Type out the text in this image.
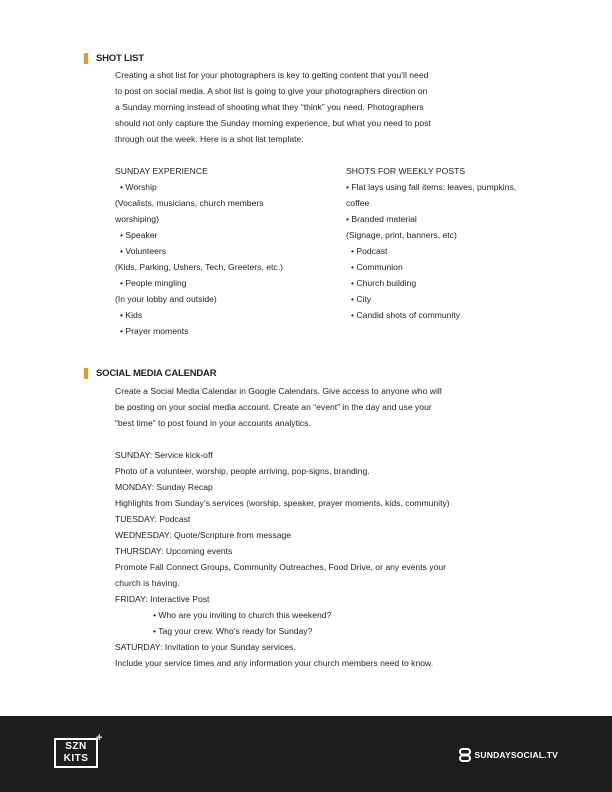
SHOT LIST

Creating a shot list for your photographers is key to getting content that you’ll need

to post on social media. A shot list is going to give your photographers direction on

a Sunday morning instead of shooting what they “think” you need. Photographers

should not only capture the Sunday morning experience, but what you need to post

through out the week. Here is a shot list template:

SUNDAY EXPERIENCE
• Worship
(Vocalists, musicians, church members
worshiping)
• Speaker
• Volunteers
(Kids, Parking, Ushers, Tech, Greeters, etc.)
• People mingling
(In your lobby and outside)
• Kids
• Prayer moments
SHOTS FOR WEEKLY POSTS
• Flat lays using fall items: leaves, pumpkins,
coffee
• Branded material
(Signage, print, banners, etc)
• Podcast
• Communion
• Church building
• City
• Candid shots of community
SOCIAL MEDIA CALENDAR

Create a Social Media Calendar in Google Calendars. Give access to anyone who will

be posting on your social media account. Create an “event” in the day and use your

“best time” to post found in your accounts analytics.

SUNDAY: Service kick-off
Photo of a volunteer, worship, people arriving, pop-signs, branding.
MONDAY: Sunday Recap
Highlights from Sunday’s services (worship, speaker, prayer moments, kids, community)
TUESDAY: Podcast
WEDNESDAY: Quote/Scripture from message
THURSDAY: Upcoming events
Promote Fall Connect Groups, Community Outreaches, Food Drive, or any events your
church is having.
FRIDAY: Interactive Post
• Who are you inviting to church this weekend?
• Tag your crew. Who’s ready for Sunday?
SATURDAY: Invitation to your Sunday services.
Include your service times and any information your church members need to know.
SZN
KITS
+
SUNDAYSOCIAL.TV
